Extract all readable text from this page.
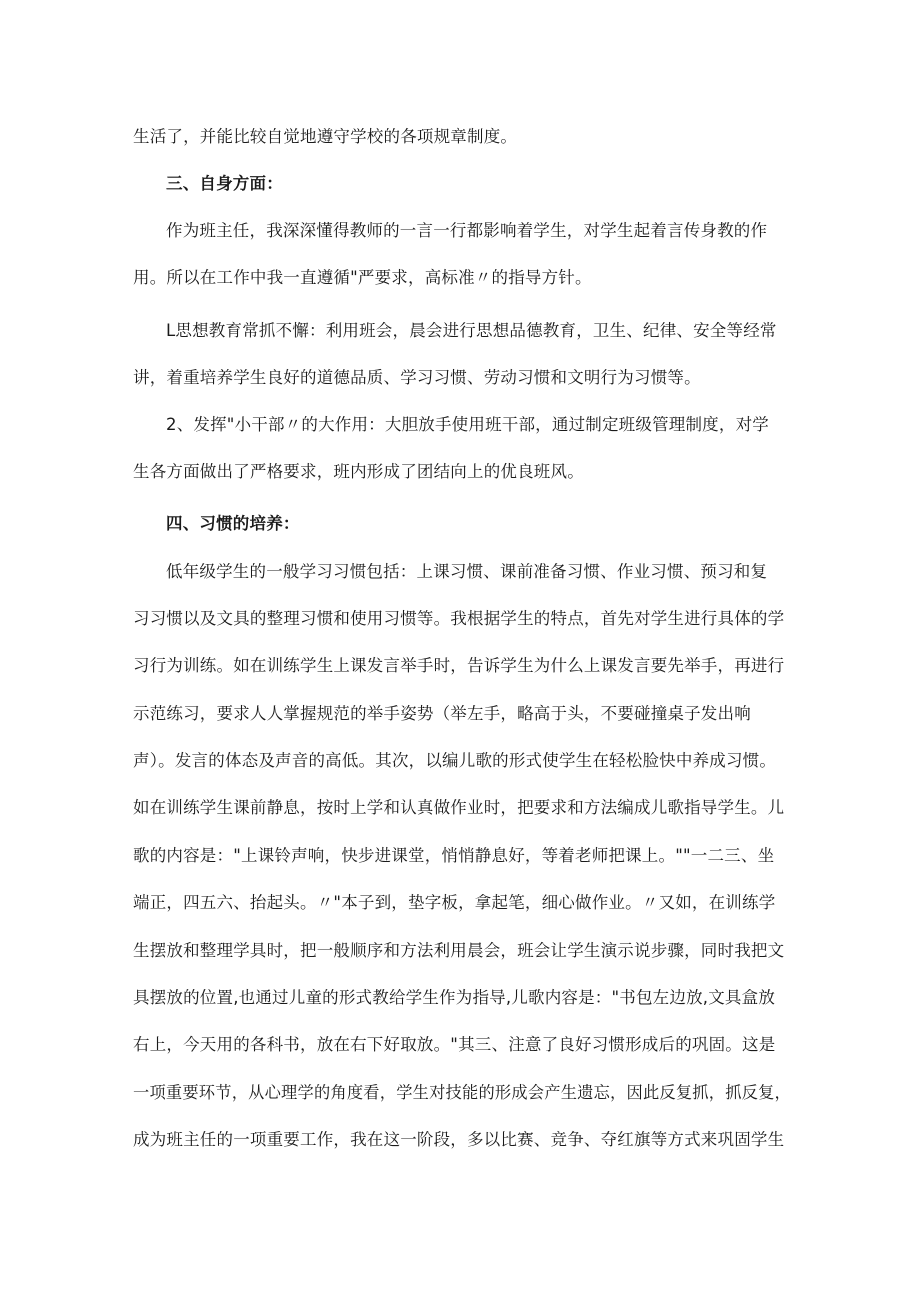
生活了，并能比较自觉地遵守学校的各项规章制度。
三、自身方面：
作为班主任，我深深懂得教师的一言一行都影响着学生，对学生起着言传身教的作
用。所以在工作中我一直遵循"严要求，高标准〃的指导方针。
L思想教育常抓不懈：利用班会，晨会进行思想品德教育，卫生、纪律、安全等经常
讲，着重培养学生良好的道德品质、学习习惯、劳动习惯和文明行为习惯等。
2、发挥"小干部〃的大作用：大胆放手使用班干部，通过制定班级管理制度，对学
生各方面做出了严格要求，班内形成了团结向上的优良班风。
四、习惯的培养：
低年级学生的一般学习习惯包括：上课习惯、课前准备习惯、作业习惯、预习和复
习习惯以及文具的整理习惯和使用习惯等。我根据学生的特点，首先对学生进行具体的学
习行为训练。如在训练学生上课发言举手时，告诉学生为什么上课发言要先举手，再进行
示范练习，要求人人掌握规范的举手姿势（举左手，略高于头，不要碰撞桌子发出响
声）。发言的体态及声音的高低。其次，以编儿歌的形式使学生在轻松脸快中养成习惯。
如在训练学生课前静息，按时上学和认真做作业时，把要求和方法编成儿歌指导学生。儿
歌的内容是："上课铃声响，快步进课堂，悄悄静息好，等着老师把课上。""一二三、坐
端正，四五六、抬起头。〃"本子到，垫字板，拿起笔，细心做作业。〃又如，在训练学
生摆放和整理学具时，把一般顺序和方法利用晨会，班会让学生演示说步骤，同时我把文
具摆放的位置,也通过儿童的形式教给学生作为指导,儿歌内容是："书包左边放,文具盒放
右上，今天用的各科书，放在右下好取放。"其三、注意了良好习惯形成后的巩固。这是
一项重要环节，从心理学的角度看，学生对技能的形成会产生遗忘，因此反复抓，抓反复，
成为班主任的一项重要工作，我在这一阶段，多以比赛、竞争、夺红旗等方式来巩固学生
